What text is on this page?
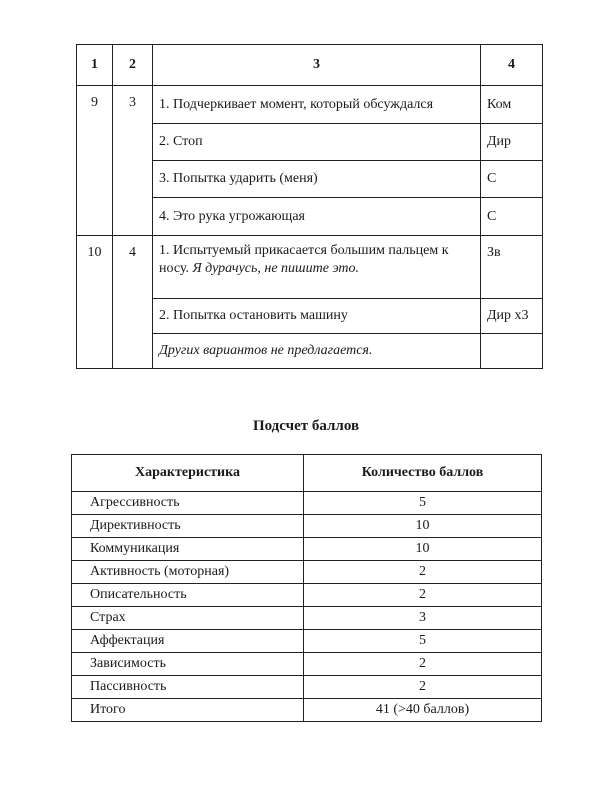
1	2	3	4
9	3	1. Подчеркивает момент, который обсуждался	Ком
		2. Стоп	Дир
		3. Попытка ударить (меня)	С
		4. Это рука угрожающая	С
10	4	1. Испытуемый прикасается большим пальцем к носу. Я дурачусь, не пишите это.	Зв
		2. Попытка остановить машину	Дир х3
		Других вариантов не предлагается.	
Подсчет баллов
Характеристика	Количество баллов
Агрессивность	5
Директивность	10
Коммуникация	10
Активность (моторная)	2
Описательность	2
Страх	3
Аффектация	5
Зависимость	2
Пассивность	2
Итого	41 (>40 баллов)
